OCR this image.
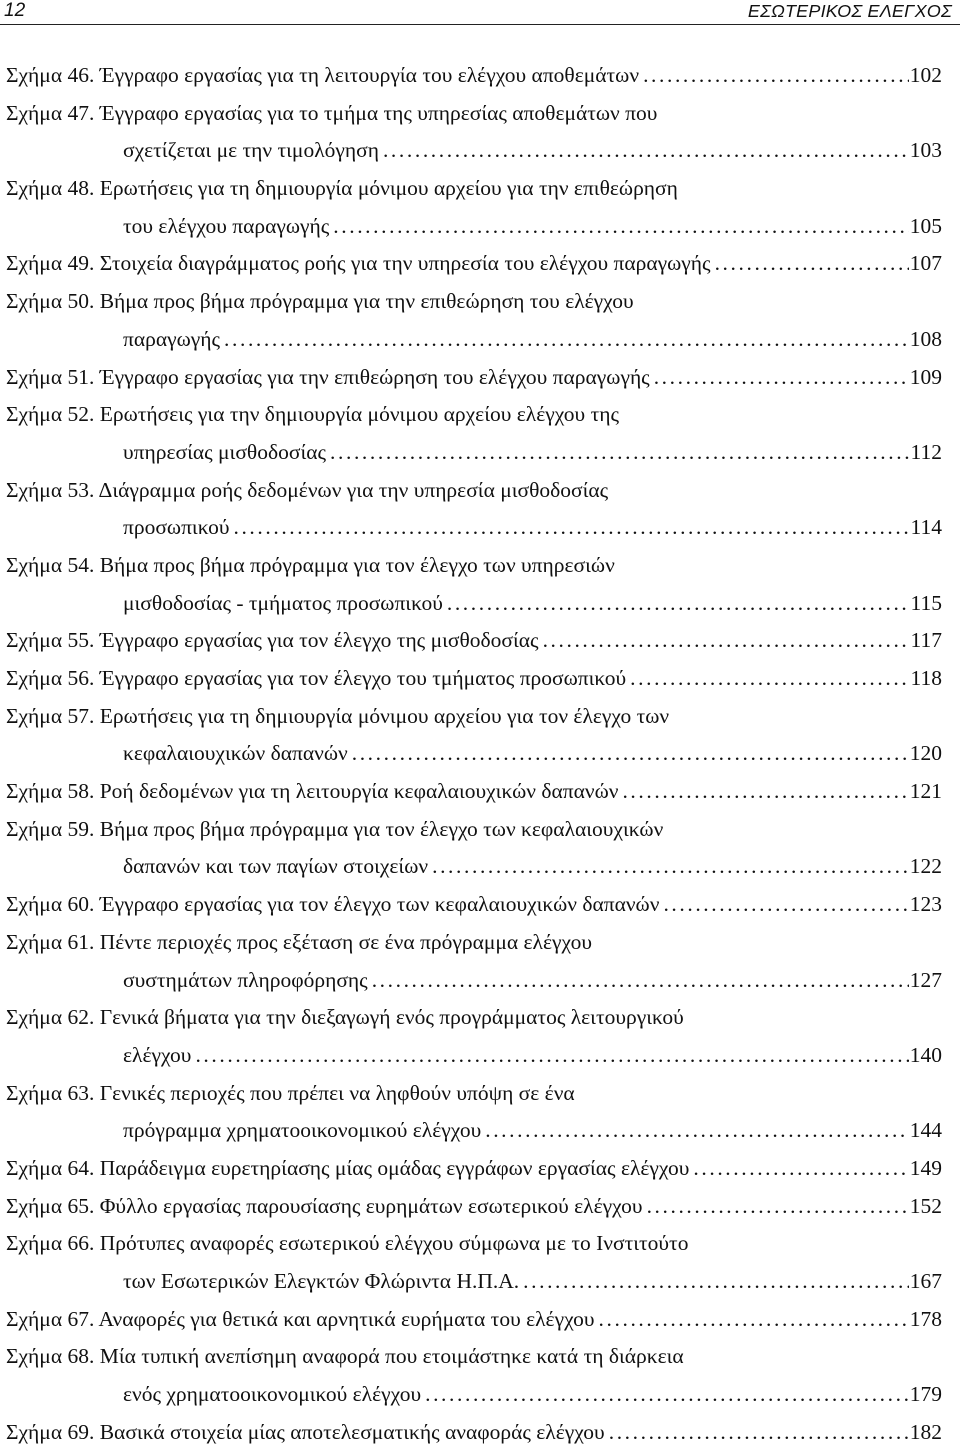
12	ΕΣΩΤΕΡΙΚΟΣ ΕΛΕΓΧΟΣ
Σχήμα 46. Έγγραφο εργασίας για τη λειτουργία του ελέγχου αποθεμάτων .....	102
Σχήμα 47. Έγγραφο εργασίας για το τμήμα της υπηρεσίας αποθεμάτων που
σχετίζεται με την τιμολόγηση .....	103
Σχήμα 48. Ερωτήσεις για τη δημιουργία μόνιμου αρχείου για την επιθεώρηση
του ελέγχου παραγωγής .....	105
Σχήμα 49. Στοιχεία διαγράμματος ροής για την υπηρεσία του ελέγχου παραγωγής .....	107
Σχήμα 50. Βήμα προς βήμα πρόγραμμα για την επιθεώρηση του ελέγχου
παραγωγής .....	108
Σχήμα 51. Έγγραφο εργασίας για την επιθεώρηση του ελέγχου παραγωγής .....	109
Σχήμα 52. Ερωτήσεις για την δημιουργία μόνιμου αρχείου ελέγχου της
υπηρεσίας μισθοδοσίας .....	112
Σχήμα 53. Διάγραμμα ροής δεδομένων για την υπηρεσία μισθοδοσίας
προσωπικού .....	114
Σχήμα 54. Βήμα προς βήμα πρόγραμμα για τον έλεγχο των υπηρεσιών
μισθοδοσίας - τμήματος προσωπικού .....	115
Σχήμα 55. Έγγραφο εργασίας για τον έλεγχο της μισθοδοσίας .....	117
Σχήμα 56. Έγγραφο εργασίας για τον έλεγχο του τμήματος προσωπικού .....	118
Σχήμα 57. Ερωτήσεις για τη δημιουργία μόνιμου αρχείου για τον έλεγχο των
κεφαλαιουχικών δαπανών .....	120
Σχήμα 58. Ροή δεδομένων για τη λειτουργία κεφαλαιουχικών δαπανών .....	121
Σχήμα 59. Βήμα προς βήμα πρόγραμμα για τον έλεγχο των κεφαλαιουχικών
δαπανών και των παγίων στοιχείων .....	122
Σχήμα 60. Έγγραφο εργασίας για τον έλεγχο των κεφαλαιουχικών δαπανών .....	123
Σχήμα 61. Πέντε περιοχές προς εξέταση σε ένα πρόγραμμα ελέγχου
συστημάτων πληροφόρησης .....	127
Σχήμα 62. Γενικά βήματα για την διεξαγωγή ενός προγράμματος λειτουργικού
ελέγχου .....	140
Σχήμα 63. Γενικές περιοχές που πρέπει να ληφθούν υπόψη σε ένα
πρόγραμμα χρηματοοικονομικού ελέγχου .....	144
Σχήμα 64. Παράδειγμα ευρετηρίασης μίας ομάδας εγγράφων εργασίας ελέγχου .....	149
Σχήμα 65. Φύλλο εργασίας παρουσίασης ευρημάτων εσωτερικού ελέγχου .....	152
Σχήμα 66. Πρότυπες αναφορές εσωτερικού ελέγχου σύμφωνα με το Ινστιτούτο
των Εσωτερικών Ελεγκτών Φλώριντα Η.Π.Α. .....	167
Σχήμα 67. Αναφορές για θετικά και αρνητικά ευρήματα του ελέγχου .....	178
Σχήμα 68. Μία τυπική ανεπίσημη αναφορά που ετοιμάστηκε κατά τη διάρκεια
ενός χρηματοοικονομικού ελέγχου .....	179
Σχήμα 69. Βασικά στοιχεία μίας αποτελεσματικής αναφοράς ελέγχου .....	182
